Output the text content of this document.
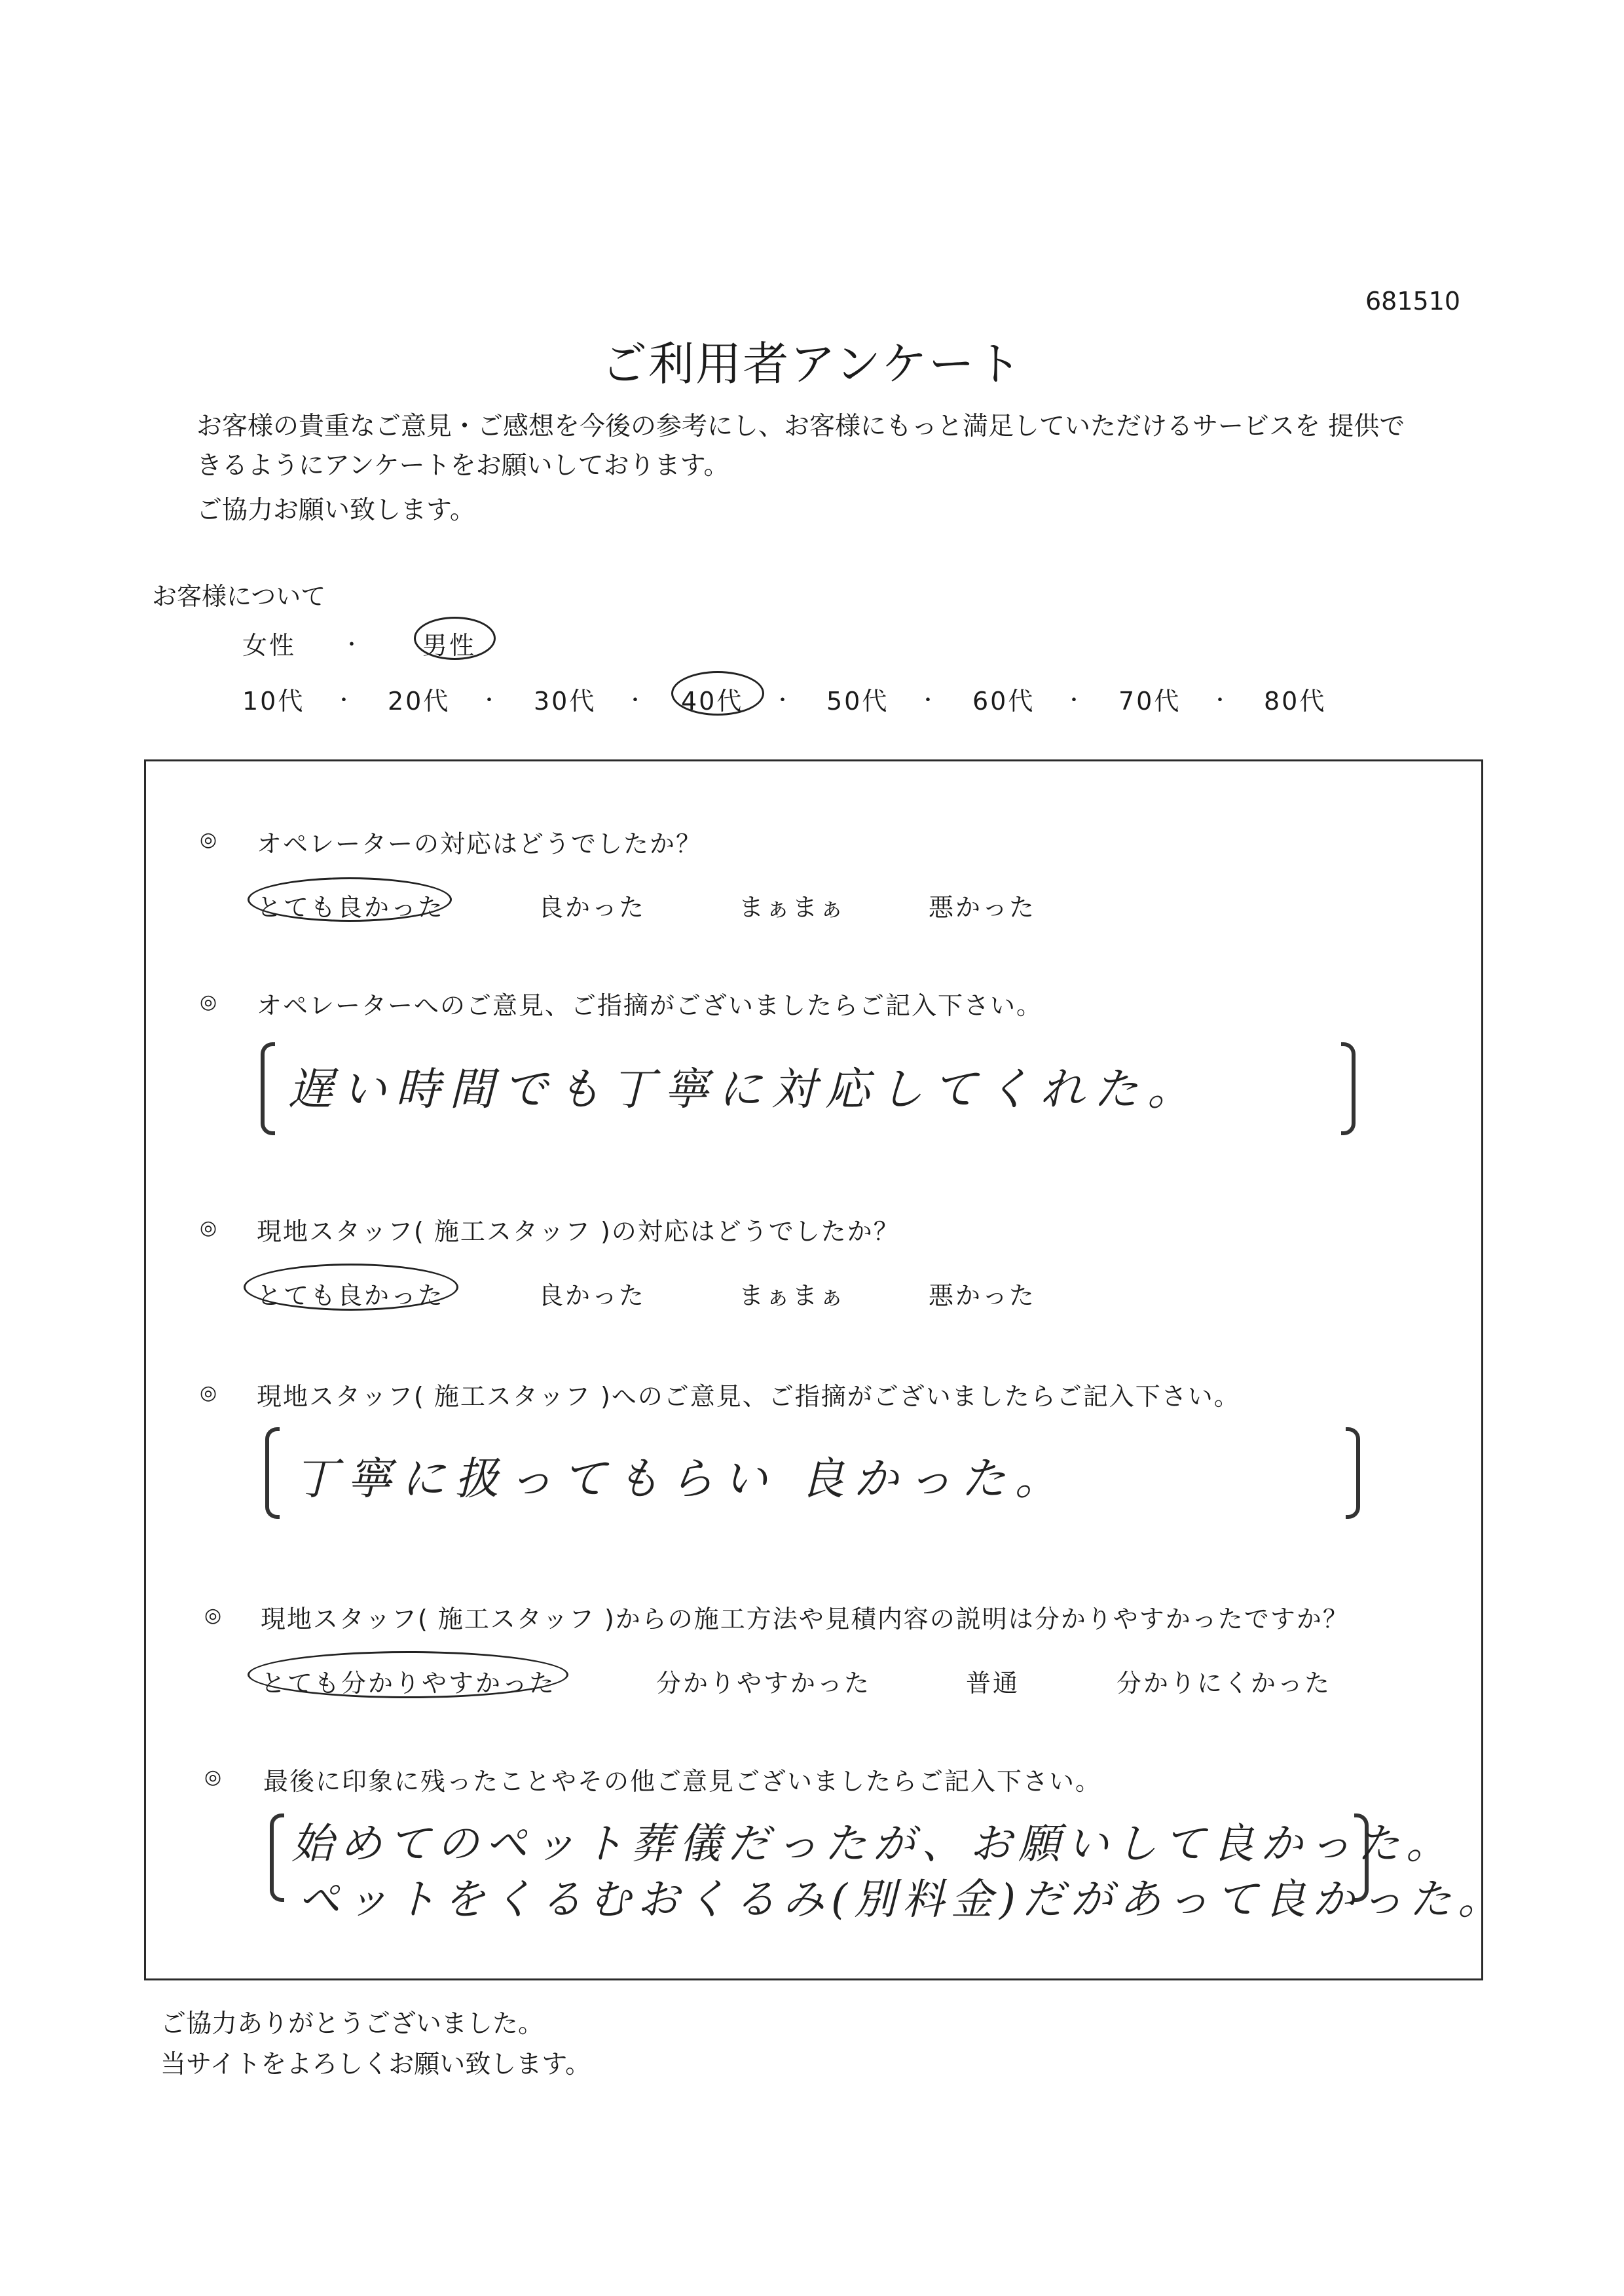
681510
ご利用者アンケート
お客様の貴重なご意見・ご感想を今後の参考にし、お客様にもっと満足していただけるサービスを 提供で
きるようにアンケートをお願いしております。
ご協力お願い致します。
お客様について
女性 ・ 男性
10代 ・ 20代 ・ 30代 ・ 40代 ・ 50代 ・ 60代 ・ 70代 ・ 80代
◎ オペレーターの対応はどうでしたか？
とても良かった	良かった	まぁまぁ	悪かった
◎ オペレーターへのご意見、ご指摘がございましたらご記入下さい。
遅い時間でも丁寧に対応してくれた。
◎ 現地スタッフ( 施工スタッフ )の対応はどうでしたか？
とても良かった	良かった	まぁまぁ	悪かった
◎ 現地スタッフ( 施工スタッフ )へのご意見、ご指摘がございましたらご記入下さい。
丁寧に扱ってもらい 良かった。
◎ 現地スタッフ( 施工スタッフ )からの施工方法や見積内容の説明は分かりやすかったですか？
とても分かりやすかった	分かりやすかった	普通	分かりにくかった
◎ 最後に印象に残ったことやその他ご意見ございましたらご記入下さい。
始めてのペット葬儀だったが、お願いして良かった。
ペットをくるむおくるみ(別料金)だがあって良かった。
ご協力ありがとうございました。
当サイトをよろしくお願い致します。
